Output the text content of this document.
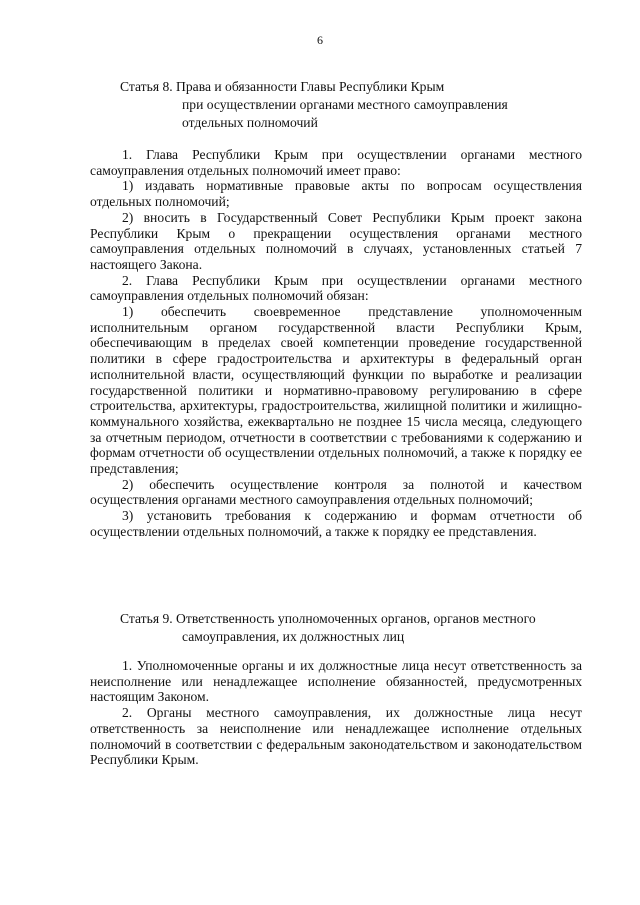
6
Статья 8. Права и обязанности Главы Республики Крым
при осуществлении органами местного самоуправления
отдельных полномочий

1. Глава Республики Крым при осуществлении органами местного самоуправления отдельных полномочий имеет право:

1) издавать нормативные правовые акты по вопросам осуществления отдельных полномочий;

2) вносить в Государственный Совет Республики Крым проект закона Республики Крым о прекращении осуществления органами местного самоуправления отдельных полномочий в случаях, установленных статьей 7 настоящего Закона.

2. Глава Республики Крым при осуществлении органами местного самоуправления отдельных полномочий обязан:

1) обеспечить своевременное представление уполномоченным исполнительным органом государственной власти Республики Крым, обеспечивающим в пределах своей компетенции проведение государственной политики в сфере градостроительства и архитектуры в федеральный орган исполнительной власти, осуществляющий функции по выработке и реализации государственной политики и нормативно-правовому регулированию в сфере строительства, архитектуры, градостроительства, жилищной политики и жилищно-коммунального хозяйства, ежеквартально не позднее 15 числа месяца, следующего за отчетным периодом, отчетности в соответствии с требованиями к содержанию и формам отчетности об осуществлении отдельных полномочий, а также к порядку ее представления;

2) обеспечить осуществление контроля за полнотой и качеством осуществления органами местного самоуправления отдельных полномочий;

3) установить требования к содержанию и формам отчетности об осуществлении отдельных полномочий, а также к порядку ее представления.

Статья 9. Ответственность уполномоченных органов, органов местного
самоуправления, их должностных лиц

1. Уполномоченные органы и их должностные лица несут ответственность за неисполнение или ненадлежащее исполнение обязанностей, предусмотренных настоящим Законом.

2. Органы местного самоуправления, их должностные лица несут ответственность за неисполнение или ненадлежащее исполнение отдельных полномочий в соответствии с федеральным законодательством и законодательством Республики Крым.
